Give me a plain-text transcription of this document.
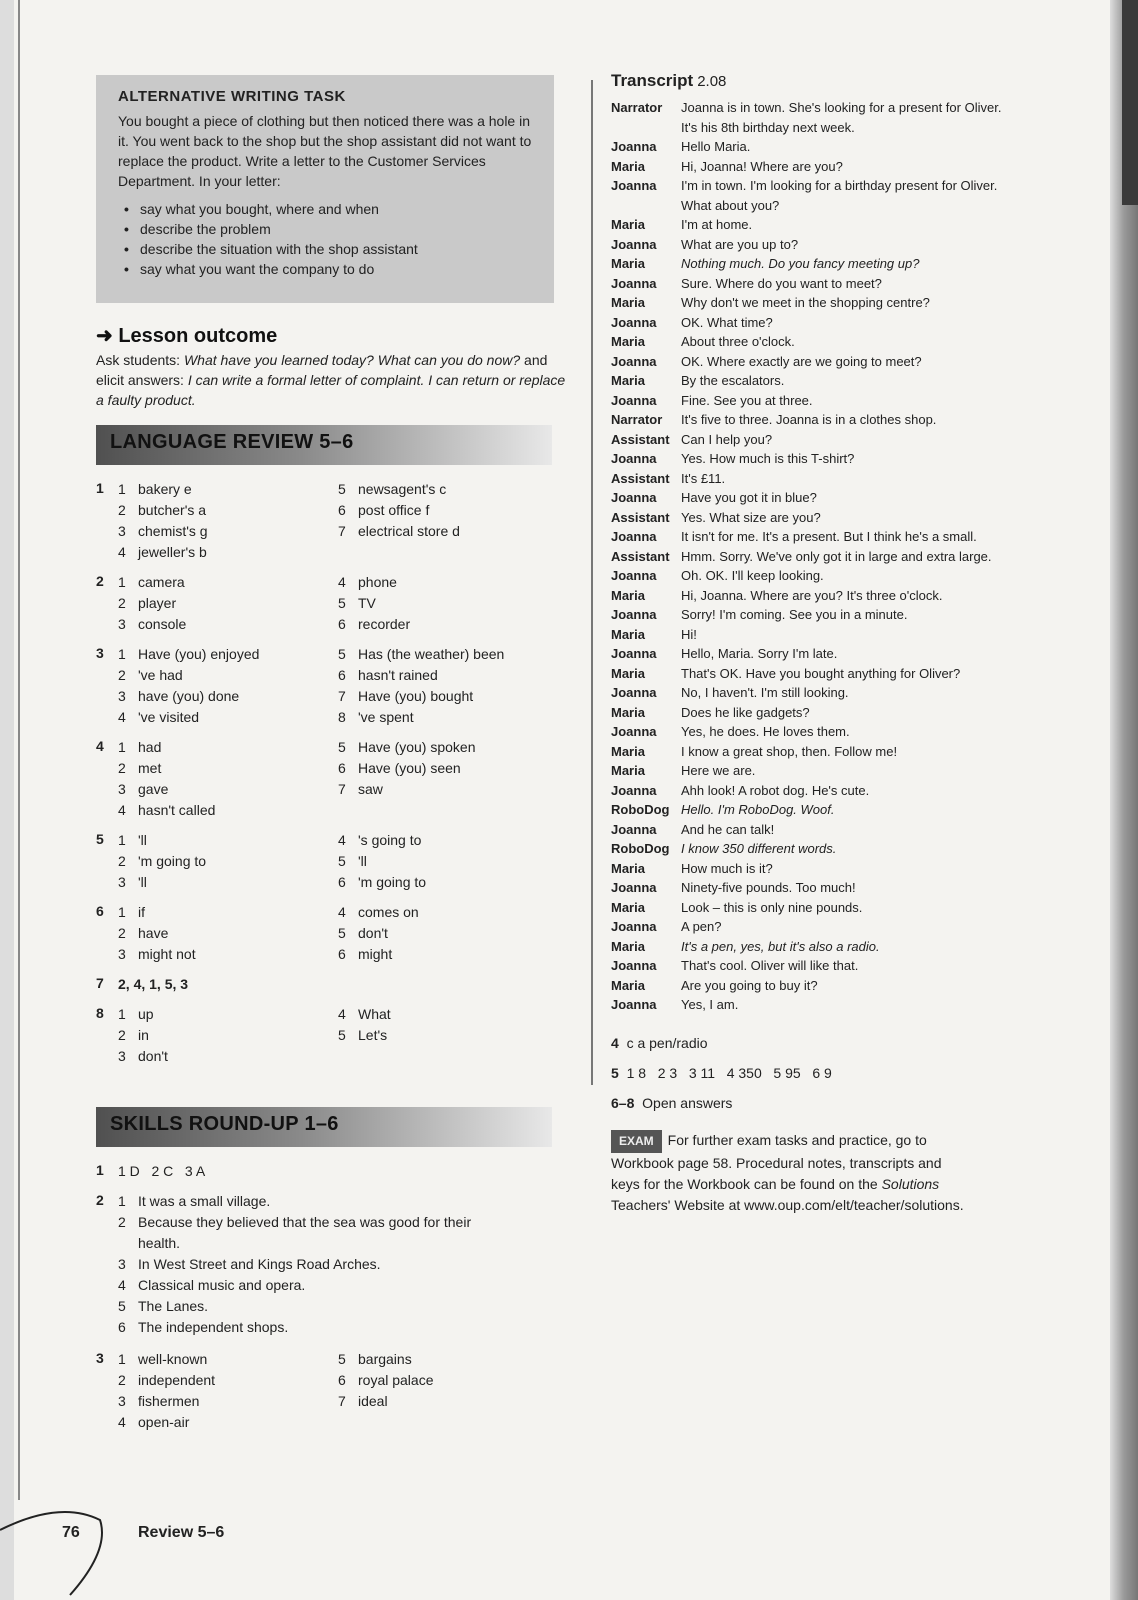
ALTERNATIVE WRITING TASK
You bought a piece of clothing but then noticed there was a hole in it. You went back to the shop but the shop assistant did not want to replace the product. Write a letter to the Customer Services Department. In your letter:
• say what you bought, where and when
• describe the problem
• describe the situation with the shop assistant
• say what you want the company to do
➜ Lesson outcome
Ask students: What have you learned today? What can you do now? and elicit answers: I can write a formal letter of complaint. I can return or replace a faulty product.
LANGUAGE REVIEW 5–6
1 1 bakery e
2 butcher's a
3 chemist's g
4 jeweller's b
5 newsagent's c
6 post office f
7 electrical store d
2 1 camera
2 player
3 console
4 phone
5 TV
6 recorder
3 1 Have (you) enjoyed
2 've had
3 have (you) done
4 've visited
5 Has (the weather) been
6 hasn't rained
7 Have (you) bought
8 've spent
4 1 had
2 met
3 gave
4 hasn't called
5 Have (you) spoken
6 Have (you) seen
7 saw
5 1 'll
2 'm going to
3 'll
4 's going to
5 'll
6 'm going to
6 1 if
2 have
3 might not
4 comes on
5 don't
6 might
7 2, 4, 1, 5, 3
8 1 up
2 in
3 don't
4 What
5 Let's
SKILLS ROUND-UP 1–6
1 1 D   2 C   3 A
2 1 It was a small village.
2 Because they believed that the sea was good for their
health.
3 In West Street and Kings Road Arches.
4 Classical music and opera.
5 The Lanes.
6 The independent shops.
3 1 well-known
2 independent
3 fishermen
4 open-air
5 bargains
6 royal palace
7 ideal
Transcript 2.08
Narrator Joanna is in town. She's looking for a present for Oliver.
It's his 8th birthday next week.
Joanna Hello Maria.
Maria	Hi, Joanna! Where are you?
Joanna I'm in town. I'm looking for a birthday present for Oliver.
What about you?
Maria	I'm at home.
Joanna What are you up to?
Maria	Nothing much. Do you fancy meeting up?
Joanna Sure. Where do you want to meet?
Maria	Why don't we meet in the shopping centre?
Joanna OK. What time?
Maria	About three o'clock.
Joanna OK. Where exactly are we going to meet?
Maria	By the escalators.
Joanna Fine. See you at three.
Narrator It's five to three. Joanna is in a clothes shop.
Assistant Can I help you?
Joanna Yes. How much is this T-shirt?
Assistant It's £11.
Joanna Have you got it in blue?
Assistant Yes. What size are you?
Joanna It isn't for me. It's a present. But I think he's a small.
Assistant Hmm. Sorry. We've only got it in large and extra large.
Joanna Oh. OK. I'll keep looking.
Maria	Hi, Joanna. Where are you? It's three o'clock.
Joanna Sorry! I'm coming. See you in a minute.
Maria	Hi!
Joanna Hello, Maria. Sorry I'm late.
Maria	That's OK. Have you bought anything for Oliver?
Joanna No, I haven't. I'm still looking.
Maria	Does he like gadgets?
Joanna Yes, he does. He loves them.
Maria	I know a great shop, then. Follow me!
Maria	Here we are.
Joanna Ahh look! A robot dog. He's cute.
RoboDog Hello. I'm RoboDog. Woof.
Joanna And he can talk!
RoboDog I know 350 different words.
Maria	How much is it?
Joanna Ninety-five pounds. Too much!
Maria	Look – this is only nine pounds.
Joanna A pen?
Maria	It's a pen, yes, but it's also a radio.
Joanna That's cool. Oliver will like that.
Maria	Are you going to buy it?
Joanna Yes, I am.
4 c a pen/radio
5 1 8   2 3   3 11   4 350   5 95   6 9
6–8 Open answers
EXAM For further exam tasks and practice, go to
Workbook page 58. Procedural notes, transcripts and
keys for the Workbook can be found on the Solutions
Teachers' Website at www.oup.com/elt/teacher/solutions.
76	Review 5–6
